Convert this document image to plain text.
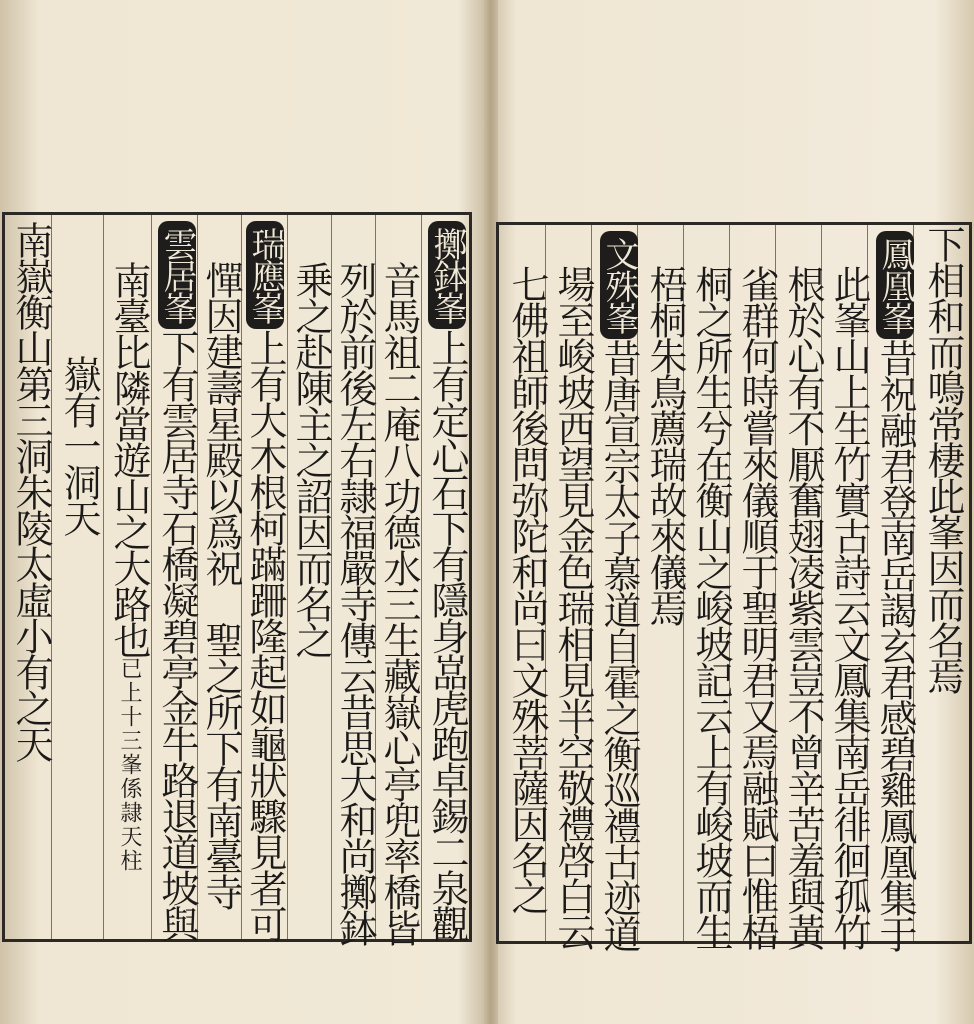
擲鉢峯上有定心石下有隱身嵓虎跑卓錫二泉觀
音馬祖二庵八功德水三生藏嶽心亭兜率橋皆
列於前後左右隷福嚴寺傳云昔思大和尚擲鉢
乗之赴陳主之詔因而名之
瑞應峯上有大木根柯蹣跚隆起如龜狀驟見者可
憚因建壽星殿以爲祝　聖之所下有南臺寺
雲居峯下有雲居寺石橋凝碧亭金牛路退道坡與
南臺比隣當遊山之大路也已上十三峯係隷天柱
嶽有一洞天
南嶽衡山第三洞朱陵太虛小有之天	下相和而鳴常棲此峯因而名焉
鳳凰峯昔祝融君登南岳謁玄君感碧雞鳳凰集于
此峯山上生竹實古詩云文鳳集南岳徘徊孤竹
根於心有不厭奮翅凌紫雲豈不曾辛苦羞與黃
雀群何時嘗來儀順于聖明君又焉融賦曰惟梧
桐之所生兮在衡山之峻坡記云上有峻坡而生
梧桐朱鳥薦瑞故來儀焉
文殊峯昔唐宣宗太子慕道自霍之衡巡禮古迹道
場至峻坡西望見金色瑞相見半空敬禮啓白云
七佛祖師後問弥陀和尚曰文殊菩薩因名之
